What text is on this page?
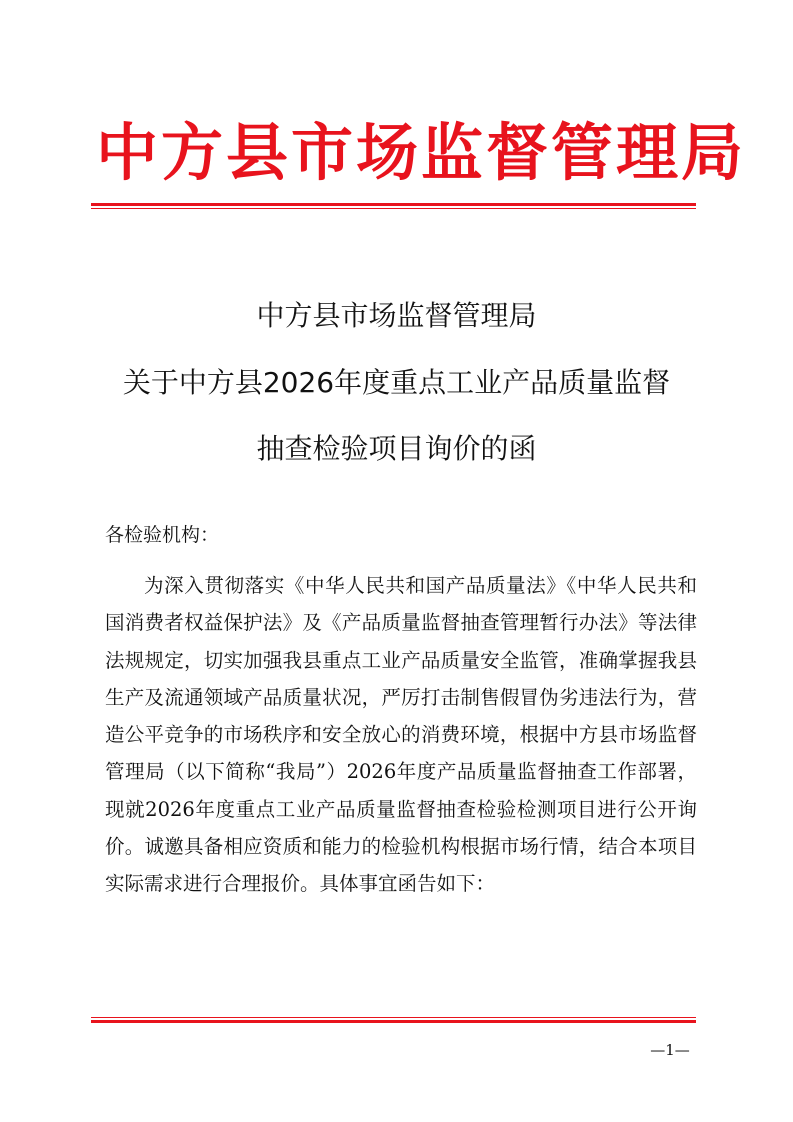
中方县市场监督管理局
中方县市场监督管理局
关于中方县2026年度重点工业产品质量监督
抽查检验项目询价的函
各检验机构：

为深入贯彻落实《中华人民共和国产品质量法》《中华人民共和国消费者权益保护法》及《产品质量监督抽查管理暂行办法》等法律法规规定，切实加强我县重点工业产品质量安全监管，准确掌握我县生产及流通领域产品质量状况，严厉打击制售假冒伪劣违法行为，营造公平竞争的市场秩序和安全放心的消费环境，根据中方县市场监督管理局（以下简称“我局”）2026年度产品质量监督抽查工作部署，现就2026年度重点工业产品质量监督抽查检验检测项目进行公开询价。诚邀具备相应资质和能力的检验机构根据市场行情，结合本项目实际需求进行合理报价。具体事宜函告如下：

—1—
